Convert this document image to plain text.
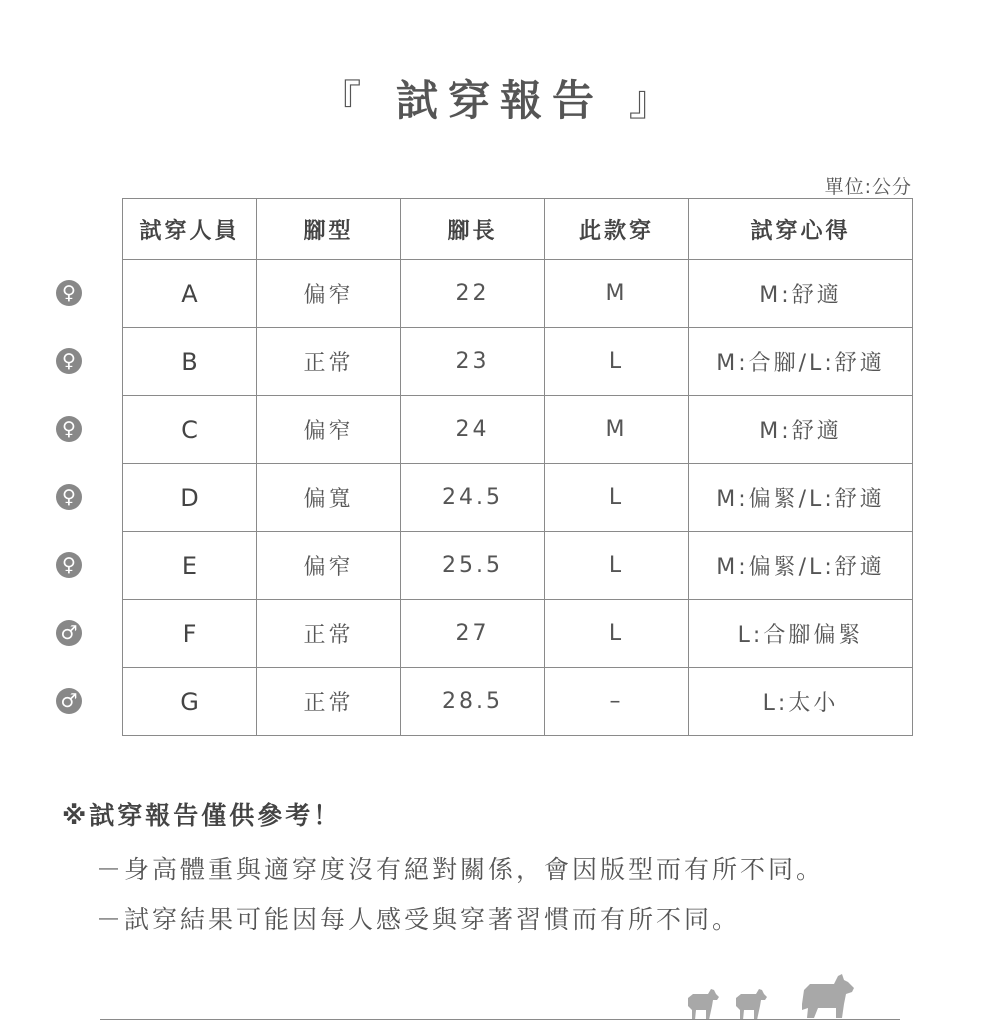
『 試穿報告 』
單位:公分
♀
♀
♀
♀
♀
♂
♂
試穿人員	腳型	腳長	此款穿	試穿心得
A	偏窄	22	M	M:舒適
B	正常	23	L	M:合腳/L:舒適
C	偏窄	24	M	M:舒適
D	偏寬	24.5	L	M:偏緊/L:舒適
E	偏窄	25.5	L	M:偏緊/L:舒適
F	正常	27	L	L:合腳偏緊
G	正常	28.5	–	L:太小
※試穿報告僅供參考！
－身高體重與適穿度沒有絕對關係，會因版型而有所不同。
－試穿結果可能因每人感受與穿著習慣而有所不同。
